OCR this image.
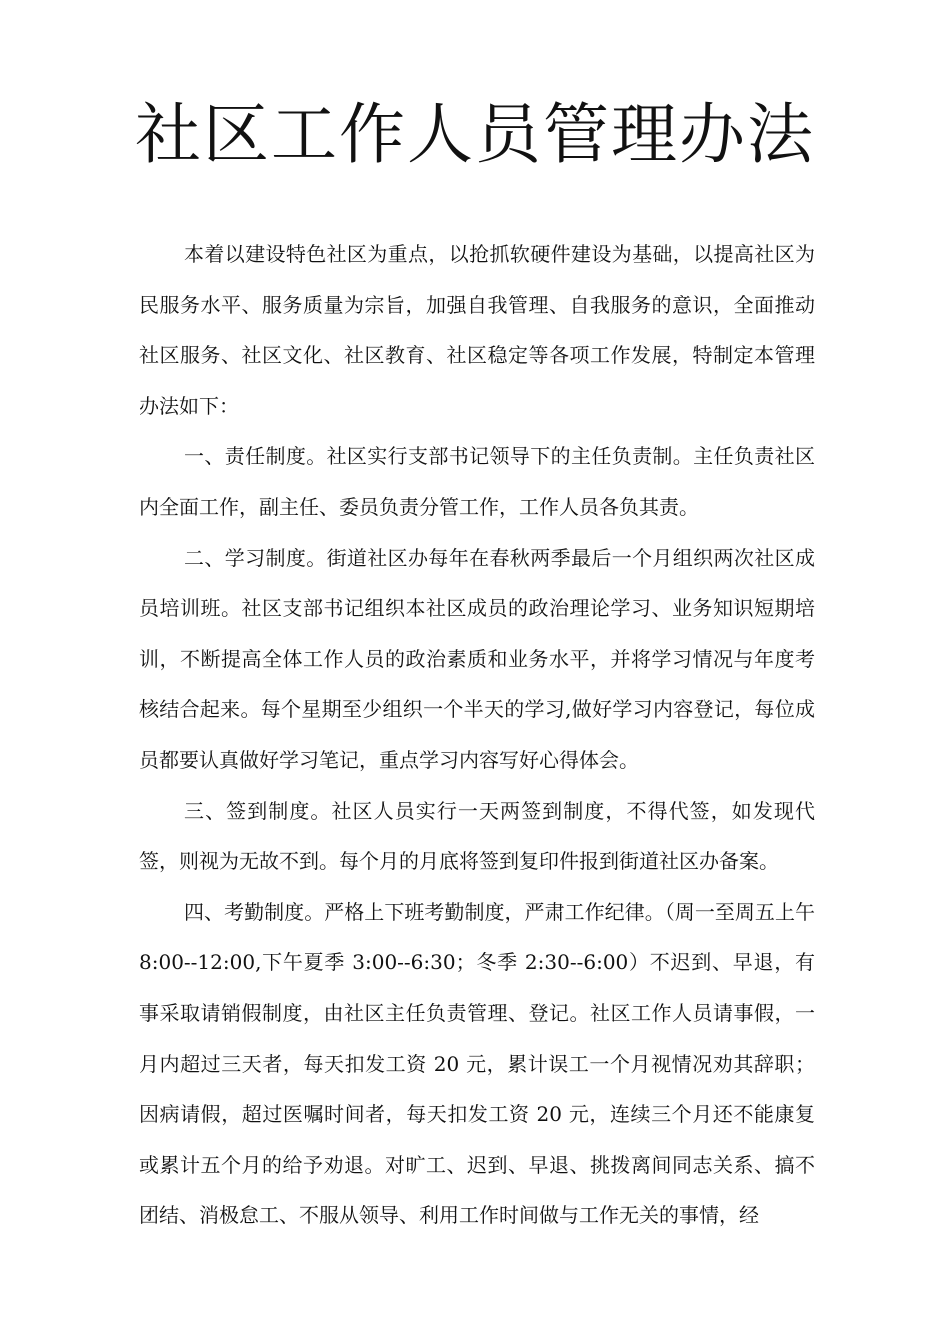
社区工作人员管理办法

本着以建设特色社区为重点，以抢抓软硬件建设为基础，以提高社区为民服务水平、服务质量为宗旨，加强自我管理、自我服务的意识，全面推动社区服务、社区文化、社区教育、社区稳定等各项工作发展，特制定本管理办法如下：

一、责任制度。社区实行支部书记领导下的主任负责制。主任负责社区内全面工作，副主任、委员负责分管工作，工作人员各负其责。

二、学习制度。街道社区办每年在春秋两季最后一个月组织两次社区成员培训班。社区支部书记组织本社区成员的政治理论学习、业务知识短期培训，不断提高全体工作人员的政治素质和业务水平，并将学习情况与年度考核结合起来。每个星期至少组织一个半天的学习,做好学习内容登记，每位成员都要认真做好学习笔记，重点学习内容写好心得体会。

三、签到制度。社区人员实行一天两签到制度，不得代签，如发现代签，则视为无故不到。每个月的月底将签到复印件报到街道社区办备案。

四、考勤制度。严格上下班考勤制度，严肃工作纪律。（周一至周五上午 8:00--12:00,下午夏季 3:00--6:30；冬季 2:30--6:00）不迟到、早退，有事采取请销假制度，由社区主任负责管理、登记。社区工作人员请事假，一月内超过三天者，每天扣发工资 20 元，累计误工一个月视情况劝其辞职；因病请假，超过医嘱时间者，每天扣发工资 20 元，连续三个月还不能康复或累计五个月的给予劝退。对旷工、迟到、早退、挑拨离间同志关系、搞不团结、消极怠工、不服从领导、利用工作时间做与工作无关的事情，经
